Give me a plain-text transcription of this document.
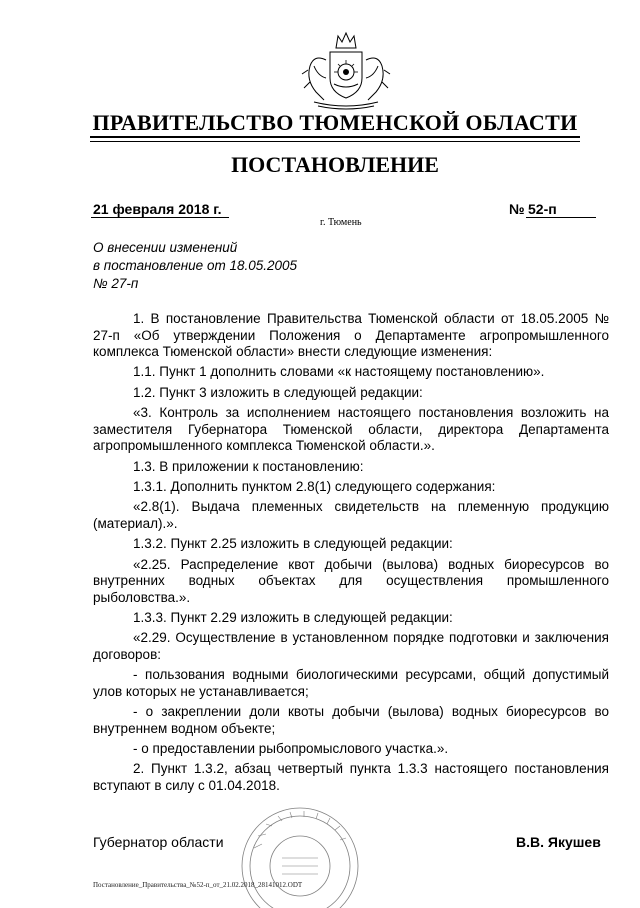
ПРАВИТЕЛЬСТВО ТЮМЕНСКОЙ ОБЛАСТИ
ПОСТАНОВЛЕНИЕ
21 февраля 2018 г.	№ 52-п
г. Тюмень
О внесении изменений
в постановление от 18.05.2005
№ 27-п

1. В постановление Правительства Тюменской области от 18.05.2005 № 27-п «Об утверждении Положения о Департаменте агропромышленного комплекса Тюменской области» внести следующие изменения:

1.1. Пункт 1 дополнить словами «к настоящему постановлению».

1.2. Пункт 3 изложить в следующей редакции:

«3. Контроль за исполнением настоящего постановления возложить на заместителя Губернатора Тюменской области, директора Департамента агропромышленного комплекса Тюменской области.».

1.3. В приложении к постановлению:

1.3.1. Дополнить пунктом 2.8(1) следующего содержания:

«2.8(1). Выдача племенных свидетельств на племенную продукцию (материал).».

1.3.2. Пункт 2.25 изложить в следующей редакции:

«2.25. Распределение квот добычи (вылова) водных биоресурсов во внутренних водных объектах для осуществления промышленного рыболовства.».

1.3.3. Пункт 2.29 изложить в следующей редакции:

«2.29. Осуществление в установленном порядке подготовки и заключения договоров:

- пользования водными биологическими ресурсами, общий допустимый улов которых не устанавливается;

- о закреплении доли квоты добычи (вылова) водных биоресурсов во внутреннем водном объекте;

- о предоставлении рыбопромыслового участка.».

2. Пункт 1.3.2, абзац четвертый пункта 1.3.3 настоящего постановления вступают в силу с 01.04.2018.

Губернатор области	В.В. Якушев
Постановление_Правительства_№52-п_от_21.02.2018_28141012.ODT
